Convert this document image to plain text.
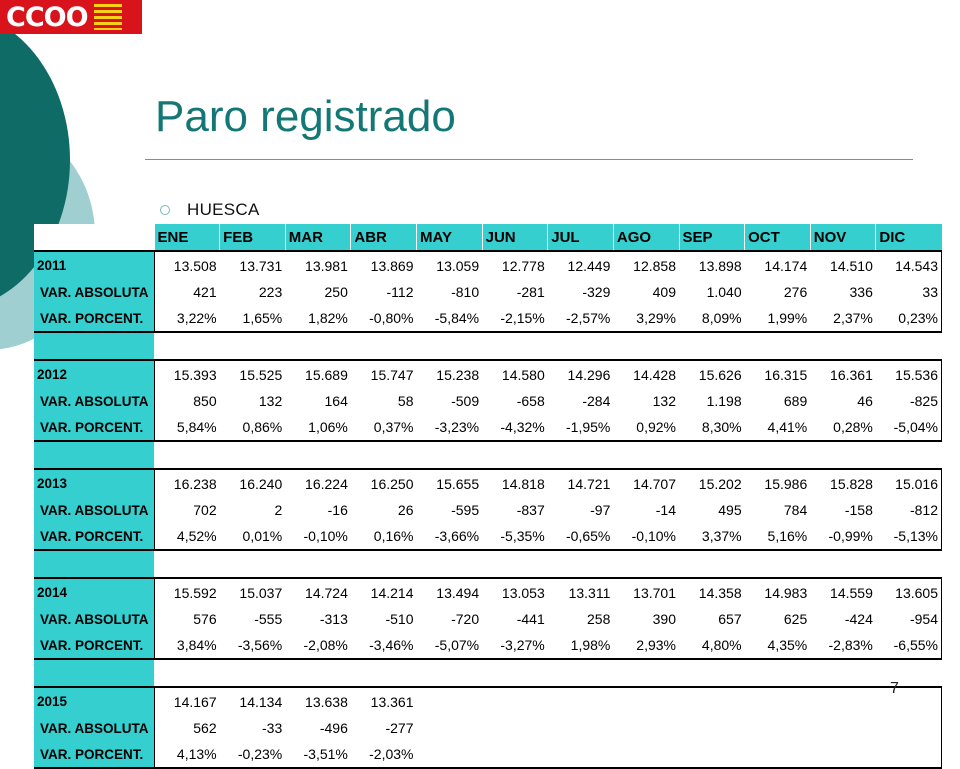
CCOO
Paro registrado
HUESCA
	ENE	FEB	MAR	ABR	MAY	JUN	JUL	AGO	SEP	OCT	NOV	DIC
2011	13.508	13.731	13.981	13.869	13.059	12.778	12.449	12.858	13.898	14.174	14.510	14.543
VAR. ABSOLUTA	421	223	250	-112	-810	-281	-329	409	1.040	276	336	33
VAR. PORCENT.	3,22%	1,65%	1,82%	-0,80%	-5,84%	-2,15%	-2,57%	3,29%	8,09%	1,99%	2,37%	0,23%

2012	15.393	15.525	15.689	15.747	15.238	14.580	14.296	14.428	15.626	16.315	16.361	15.536
VAR. ABSOLUTA	850	132	164	58	-509	-658	-284	132	1.198	689	46	-825
VAR. PORCENT.	5,84%	0,86%	1,06%	0,37%	-3,23%	-4,32%	-1,95%	0,92%	8,30%	4,41%	0,28%	-5,04%

2013	16.238	16.240	16.224	16.250	15.655	14.818	14.721	14.707	15.202	15.986	15.828	15.016
VAR. ABSOLUTA	702	2	-16	26	-595	-837	-97	-14	495	784	-158	-812
VAR. PORCENT.	4,52%	0,01%	-0,10%	0,16%	-3,66%	-5,35%	-0,65%	-0,10%	3,37%	5,16%	-0,99%	-5,13%

2014	15.592	15.037	14.724	14.214	13.494	13.053	13.311	13.701	14.358	14.983	14.559	13.605
VAR. ABSOLUTA	576	-555	-313	-510	-720	-441	258	390	657	625	-424	-954
VAR. PORCENT.	3,84%	-3,56%	-2,08%	-3,46%	-5,07%	-3,27%	1,98%	2,93%	4,80%	4,35%	-2,83%	-6,55%

2015	14.167	14.134	13.638	13.361								
VAR. ABSOLUTA	562	-33	-496	-277								
VAR. PORCENT.	4,13%	-0,23%	-3,51%	-2,03%								
7
